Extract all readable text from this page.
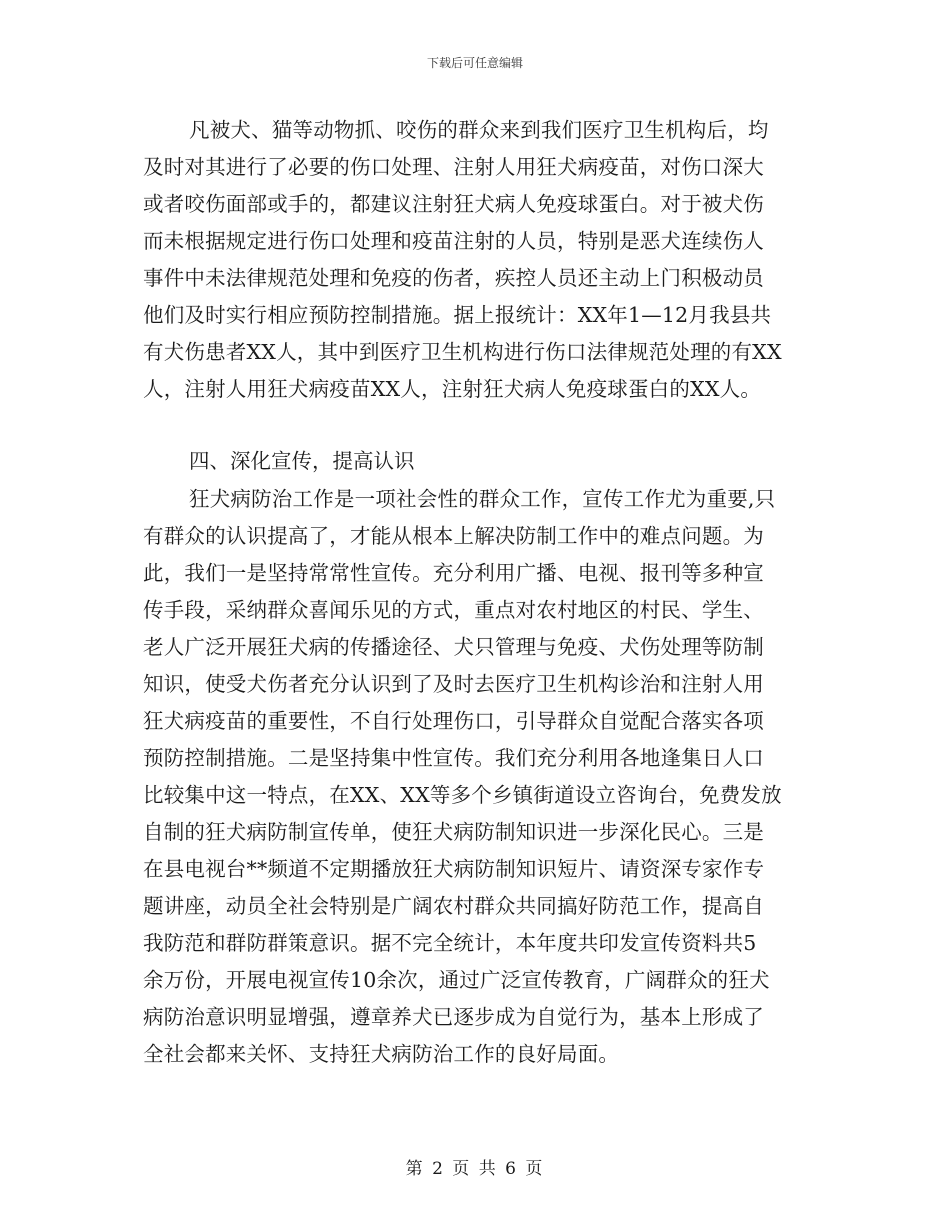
下载后可任意编辑
凡被犬、猫等动物抓、咬伤的群众来到我们医疗卫生机构后，均
及时对其进行了必要的伤口处理、注射人用狂犬病疫苗，对伤口深大
或者咬伤面部或手的，都建议注射狂犬病人免疫球蛋白。对于被犬伤
而未根据规定进行伤口处理和疫苗注射的人员，特别是恶犬连续伤人
事件中未法律规范处理和免疫的伤者，疾控人员还主动上门积极动员
他们及时实行相应预防控制措施。据上报统计：XX年1—12月我县共
有犬伤患者XX人，其中到医疗卫生机构进行伤口法律规范处理的有XX
人，注射人用狂犬病疫苗XX人，注射狂犬病人免疫球蛋白的XX人。
四、深化宣传，提高认识
狂犬病防治工作是一项社会性的群众工作，宣传工作尤为重要,只
有群众的认识提高了，才能从根本上解决防制工作中的难点问题。为
此，我们一是坚持常常性宣传。充分利用广播、电视、报刊等多种宣
传手段，采纳群众喜闻乐见的方式，重点对农村地区的村民、学生、
老人广泛开展狂犬病的传播途径、犬只管理与免疫、犬伤处理等防制
知识，使受犬伤者充分认识到了及时去医疗卫生机构诊治和注射人用
狂犬病疫苗的重要性，不自行处理伤口，引导群众自觉配合落实各项
预防控制措施。二是坚持集中性宣传。我们充分利用各地逢集日人口
比较集中这一特点，在XX、XX等多个乡镇街道设立咨询台，免费发放
自制的狂犬病防制宣传单，使狂犬病防制知识进一步深化民心。三是
在县电视台**频道不定期播放狂犬病防制知识短片、请资深专家作专
题讲座，动员全社会特别是广阔农村群众共同搞好防范工作，提高自
我防范和群防群策意识。据不完全统计，本年度共印发宣传资料共5
余万份，开展电视宣传10余次，通过广泛宣传教育，广阔群众的狂犬
病防治意识明显增强，遵章养犬已逐步成为自觉行为，基本上形成了
全社会都来关怀、支持狂犬病防治工作的良好局面。
第 2 页 共 6 页
